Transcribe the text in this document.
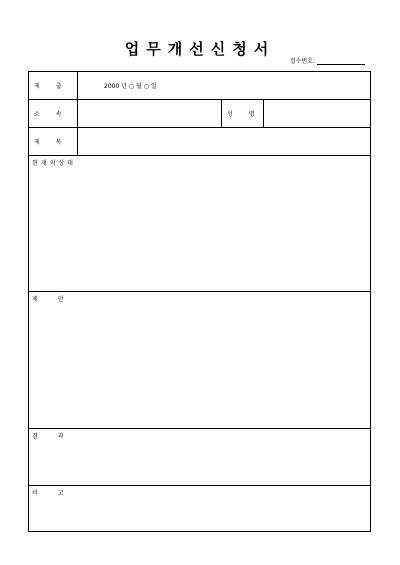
업무개선신청서
접수번호:
제 출	2000 년 ○ 월 ○ 일
소 속	성 명
제 목
현재의상태
제 안
결 과
비 고
